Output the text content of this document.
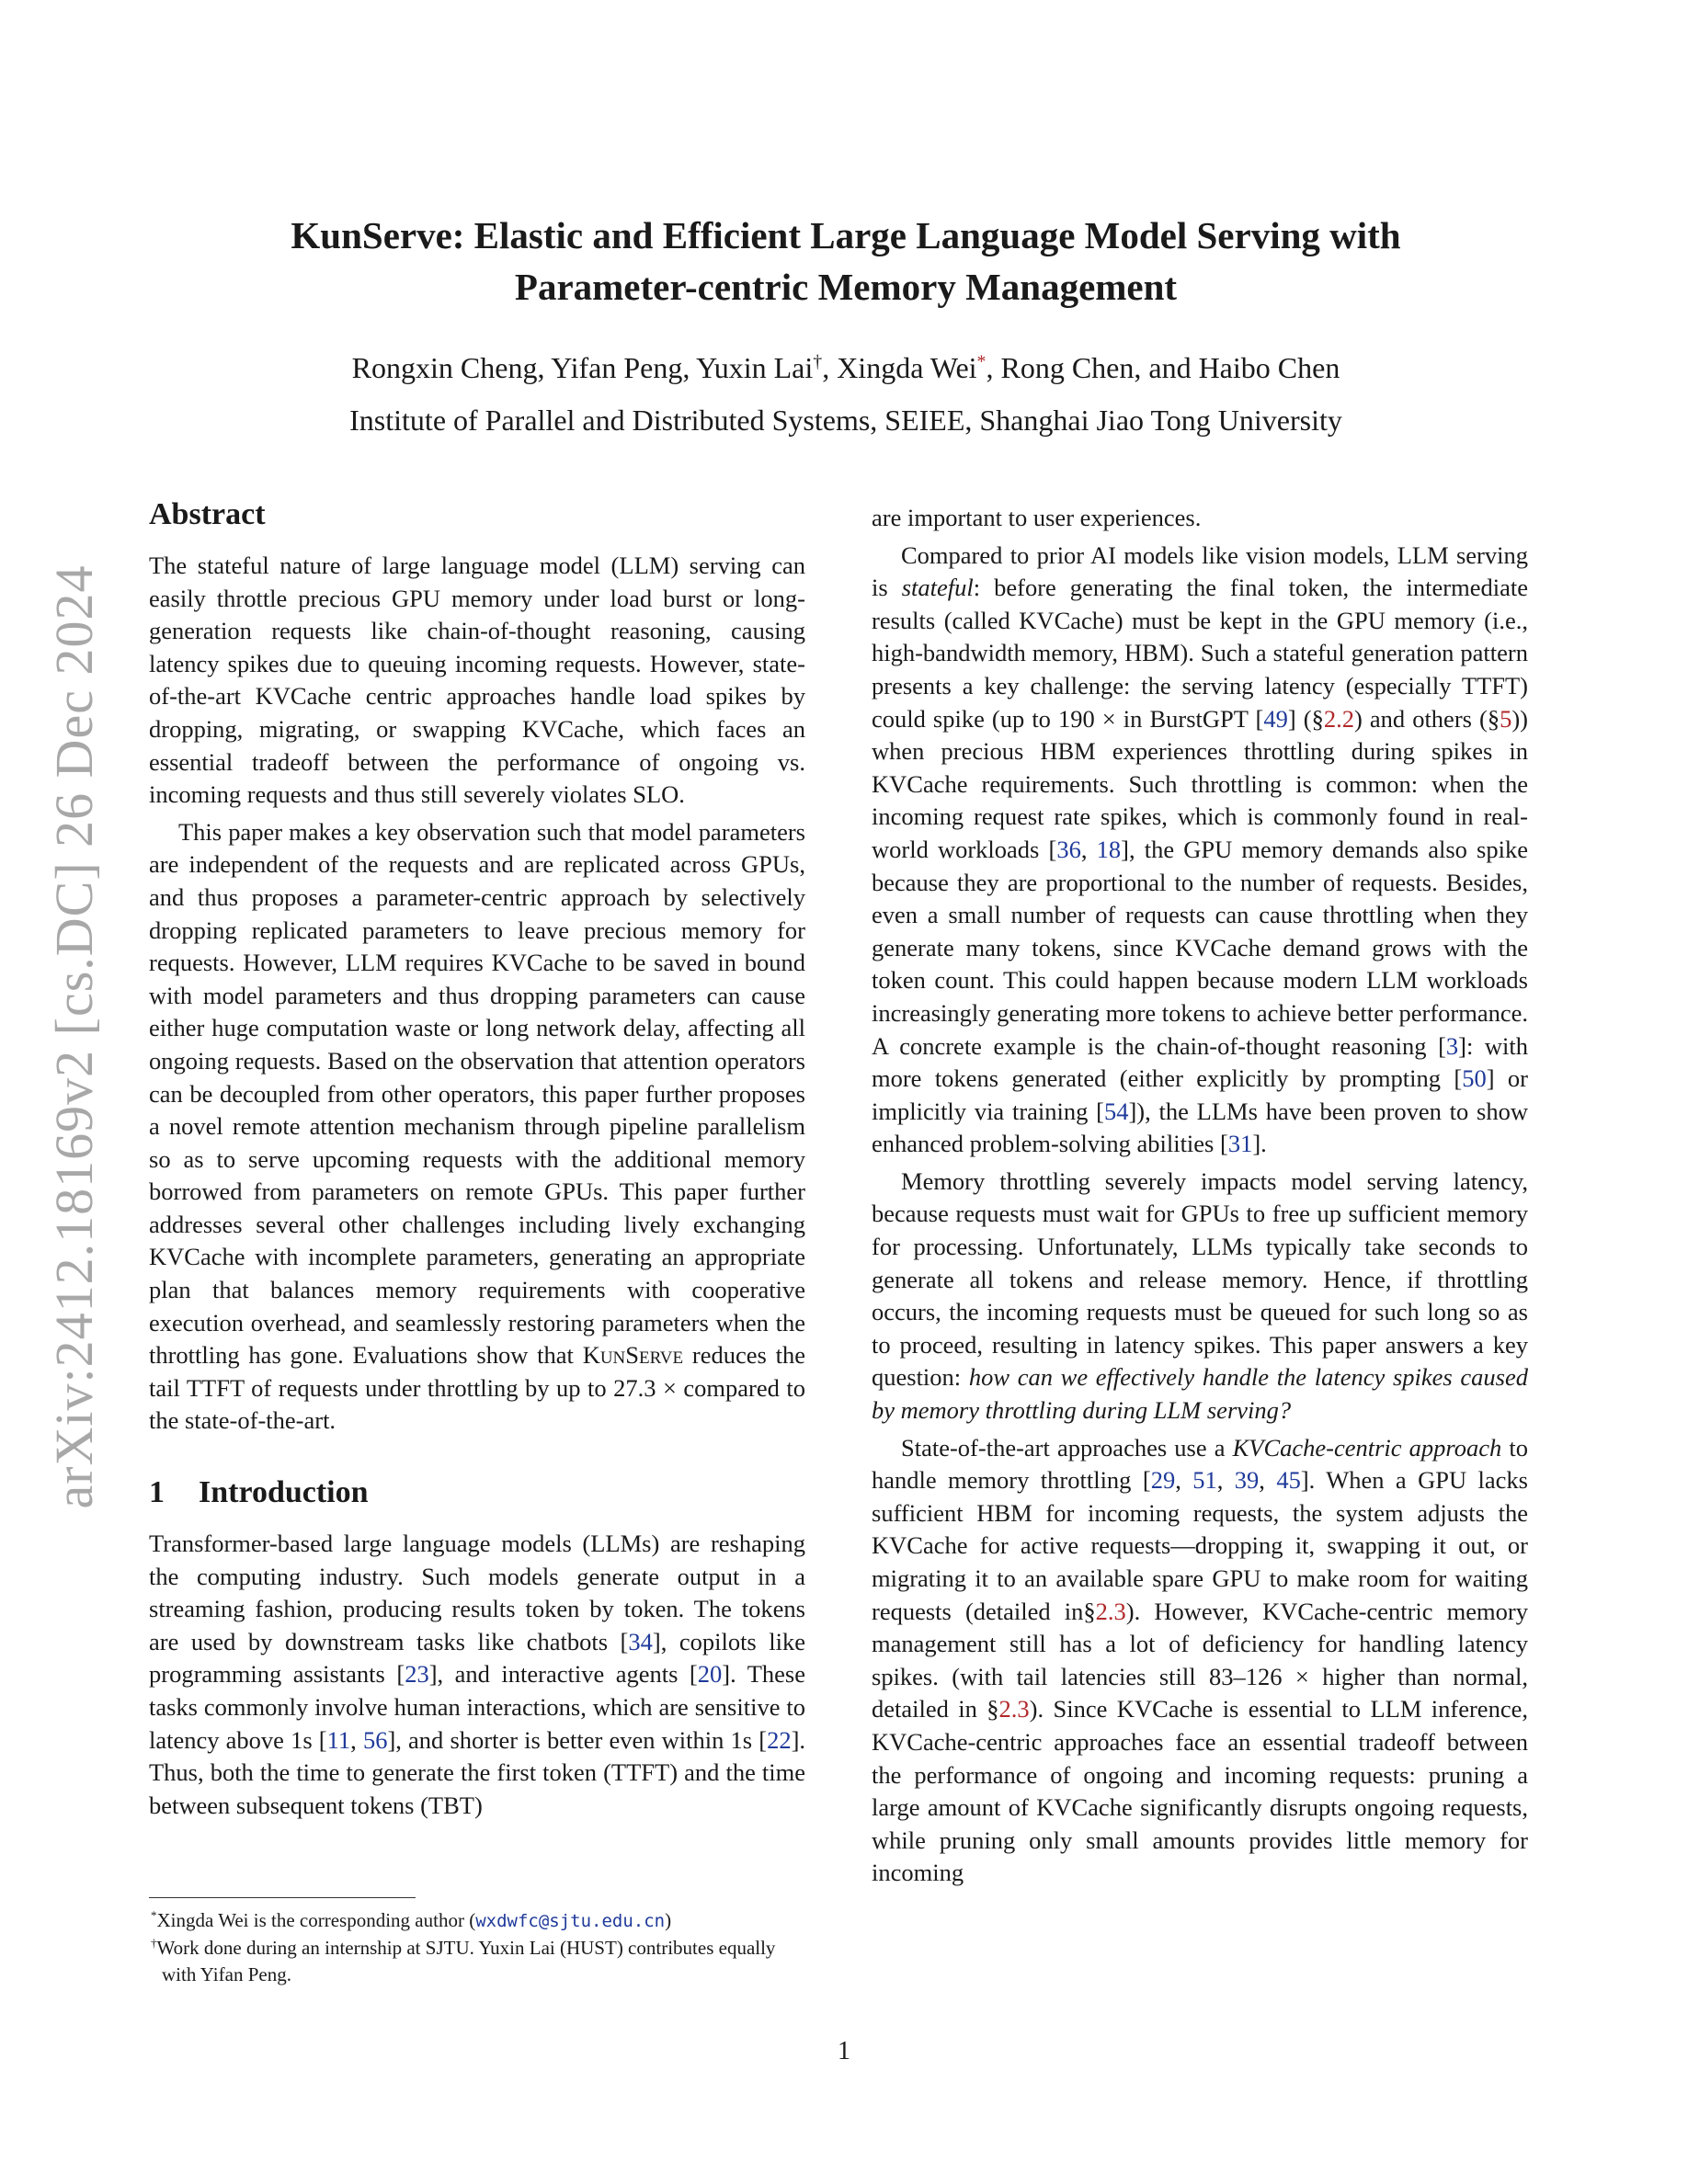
arXiv:2412.18169v2 [cs.DC] 26 Dec 2024
KunServe: Elastic and Efficient Large Language Model Serving with
Parameter-centric Memory Management
Rongxin Cheng, Yifan Peng, Yuxin Lai†, Xingda Wei*, Rong Chen, and Haibo Chen
Institute of Parallel and Distributed Systems, SEIEE, Shanghai Jiao Tong University
Abstract

The stateful nature of large language model (LLM) serving can easily throttle precious GPU memory under load burst or long-generation requests like chain-of-thought reasoning, causing latency spikes due to queuing incoming requests. However, state-of-the-art KVCache centric approaches handle load spikes by dropping, migrating, or swapping KVCache, which faces an essential tradeoff between the performance of ongoing vs. incoming requests and thus still severely violates SLO.

This paper makes a key observation such that model parameters are independent of the requests and are replicated across GPUs, and thus proposes a parameter-centric approach by selectively dropping replicated parameters to leave precious memory for requests. However, LLM requires KVCache to be saved in bound with model parameters and thus dropping parameters can cause either huge computation waste or long network delay, affecting all ongoing requests. Based on the observation that attention operators can be decoupled from other operators, this paper further proposes a novel remote attention mechanism through pipeline parallelism so as to serve upcoming requests with the additional memory borrowed from parameters on remote GPUs. This paper further addresses several other challenges including lively exchanging KVCache with incomplete parameters, generating an appropriate plan that balances memory requirements with cooperative execution overhead, and seamlessly restoring parameters when the throttling has gone. Evaluations show that KunServe reduces the tail TTFT of requests under throttling by up to 27.3 × compared to the state-of-the-art.

1 Introduction

Transformer-based large language models (LLMs) are reshaping the computing industry. Such models generate output in a streaming fashion, producing results token by token. The tokens are used by downstream tasks like chatbots [34], copilots like programming assistants [23], and interactive agents [20]. These tasks commonly involve human interactions, which are sensitive to latency above 1s [11, 56], and shorter is better even within 1s [22]. Thus, both the time to generate the first token (TTFT) and the time between subsequent tokens (TBT)

are important to user experiences.

Compared to prior AI models like vision models, LLM serving is stateful: before generating the final token, the intermediate results (called KVCache) must be kept in the GPU memory (i.e., high-bandwidth memory, HBM). Such a stateful generation pattern presents a key challenge: the serving latency (especially TTFT) could spike (up to 190 × in BurstGPT [49] (§2.2) and others (§5)) when precious HBM experiences throttling during spikes in KVCache requirements. Such throttling is common: when the incoming request rate spikes, which is commonly found in real-world workloads [36, 18], the GPU memory demands also spike because they are proportional to the number of requests. Besides, even a small number of requests can cause throttling when they generate many tokens, since KVCache demand grows with the token count. This could happen because modern LLM workloads increasingly generating more tokens to achieve better performance. A concrete example is the chain-of-thought reasoning [3]: with more tokens generated (either explicitly by prompting [50] or implicitly via training [54]), the LLMs have been proven to show enhanced problem-solving abilities [31].

Memory throttling severely impacts model serving latency, because requests must wait for GPUs to free up sufficient memory for processing. Unfortunately, LLMs typically take seconds to generate all tokens and release memory. Hence, if throttling occurs, the incoming requests must be queued for such long so as to proceed, resulting in latency spikes. This paper answers a key question: how can we effectively handle the latency spikes caused by memory throttling during LLM serving?

State-of-the-art approaches use a KVCache-centric approach to handle memory throttling [29, 51, 39, 45]. When a GPU lacks sufficient HBM for incoming requests, the system adjusts the KVCache for active requests—dropping it, swapping it out, or migrating it to an available spare GPU to make room for waiting requests (detailed in§2.3). However, KVCache-centric memory management still has a lot of deficiency for handling latency spikes. (with tail latencies still 83–126 × higher than normal, detailed in §2.3). Since KVCache is essential to LLM inference, KVCache-centric approaches face an essential tradeoff between the performance of ongoing and incoming requests: pruning a large amount of KVCache significantly disrupts ongoing requests, while pruning only small amounts provides little memory for incoming

*Xingda Wei is the corresponding author (wxdwfc@sjtu.edu.cn)

†Work done during an internship at SJTU. Yuxin Lai (HUST) contributes equally with Yifan Peng.

1
